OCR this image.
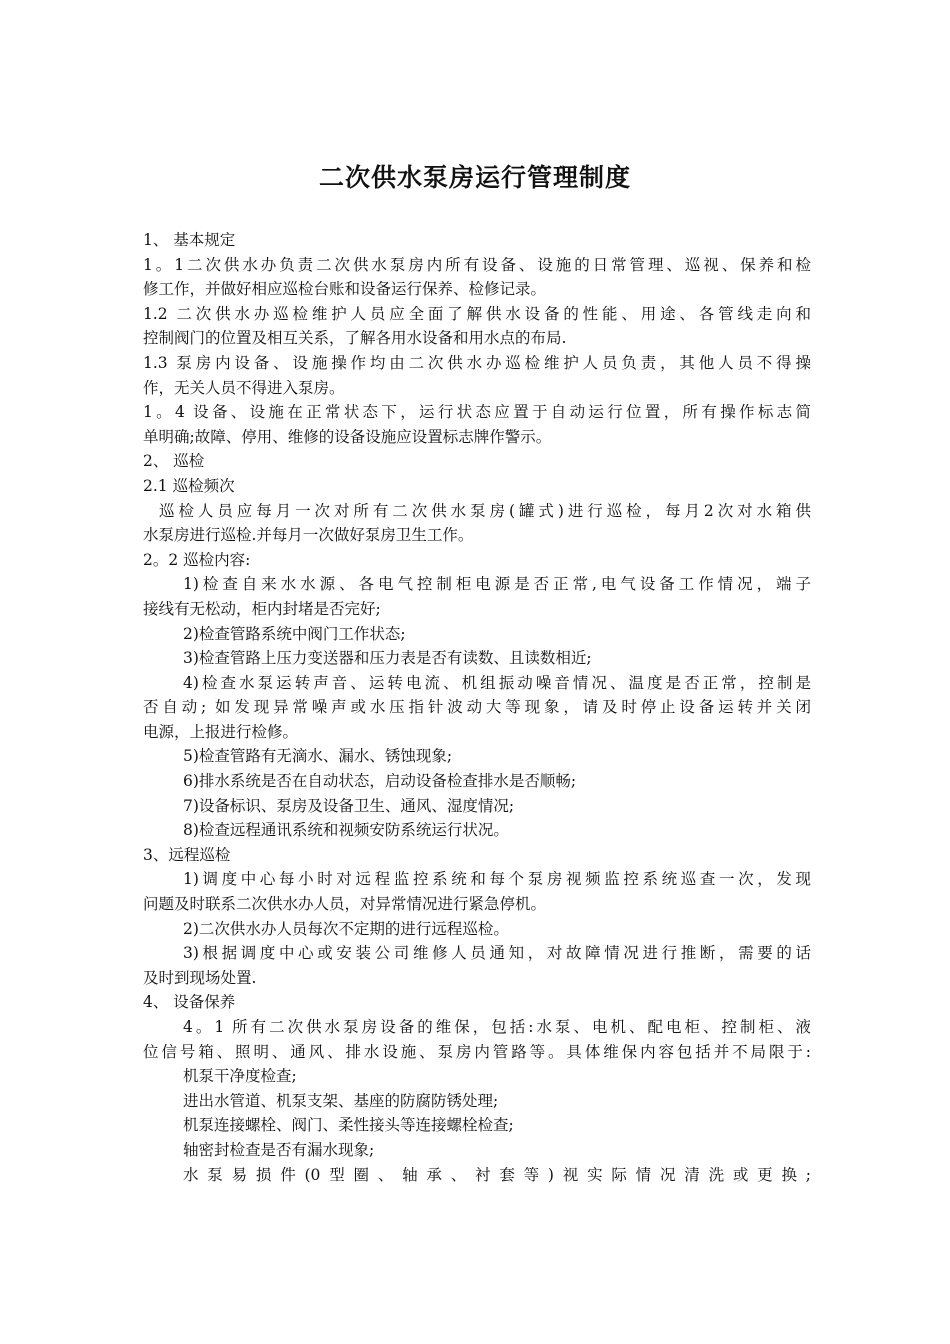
二次供水泵房运行管理制度
1、 基本规定
1。1二次供水办负责二次供水泵房内所有设备、设施的日常管理、巡视、保养和检
修工作，并做好相应巡检台账和设备运行保养、检修记录。
1.2 二次供水办巡检维护人员应全面了解供水设备的性能、用途、各管线走向和
控制阀门的位置及相互关系，了解各用水设备和用水点的布局.
1.3 泵房内设备、设施操作均由二次供水办巡检维护人员负责，其他人员不得操
作，无关人员不得进入泵房。
1。4 设备、设施在正常状态下，运行状态应置于自动运行位置，所有操作标志简
单明确;故障、停用、维修的设备设施应设置标志牌作警示。
2、 巡检
2.1 巡检频次
巡检人员应每月一次对所有二次供水泵房(罐式)进行巡检，每月2次对水箱供
水泵房进行巡检.并每月一次做好泵房卫生工作。
2。2 巡检内容:
1)检查自来水水源、各电气控制柜电源是否正常,电气设备工作情况，端子
接线有无松动，柜内封堵是否完好;
2)检查管路系统中阀门工作状态;
3)检查管路上压力变送器和压力表是否有读数、且读数相近;
4)检查水泵运转声音、运转电流、机组振动噪音情况、温度是否正常，控制是
否自动; 如发现异常噪声或水压指针波动大等现象，请及时停止设备运转并关闭
电源，上报进行检修。
5)检查管路有无滴水、漏水、锈蚀现象;
6)排水系统是否在自动状态，启动设备检查排水是否顺畅;
7)设备标识、泵房及设备卫生、通风、湿度情况;
8)检查远程通讯系统和视频安防系统运行状况。
3、远程巡检
1)调度中心每小时对远程监控系统和每个泵房视频监控系统巡查一次，发现
问题及时联系二次供水办人员，对异常情况进行紧急停机。
2)二次供水办人员每次不定期的进行远程巡检。
3)根据调度中心或安装公司维修人员通知，对故障情况进行推断，需要的话
及时到现场处置.
4、 设备保养
4。1 所有二次供水泵房设备的维保，包括:水泵、电机、配电柜、控制柜、液
位信号箱、照明、通风、排水设施、泵房内管路等。具体维保内容包括并不局限于:
机泵干净度检查;
进出水管道、机泵支架、基座的防腐防锈处理;
机泵连接螺栓、阀门、柔性接头等连接螺栓检查;
轴密封检查是否有漏水现象;
水泵易损件(0型圈、轴承、衬套等)视实际情况清洗或更换;
